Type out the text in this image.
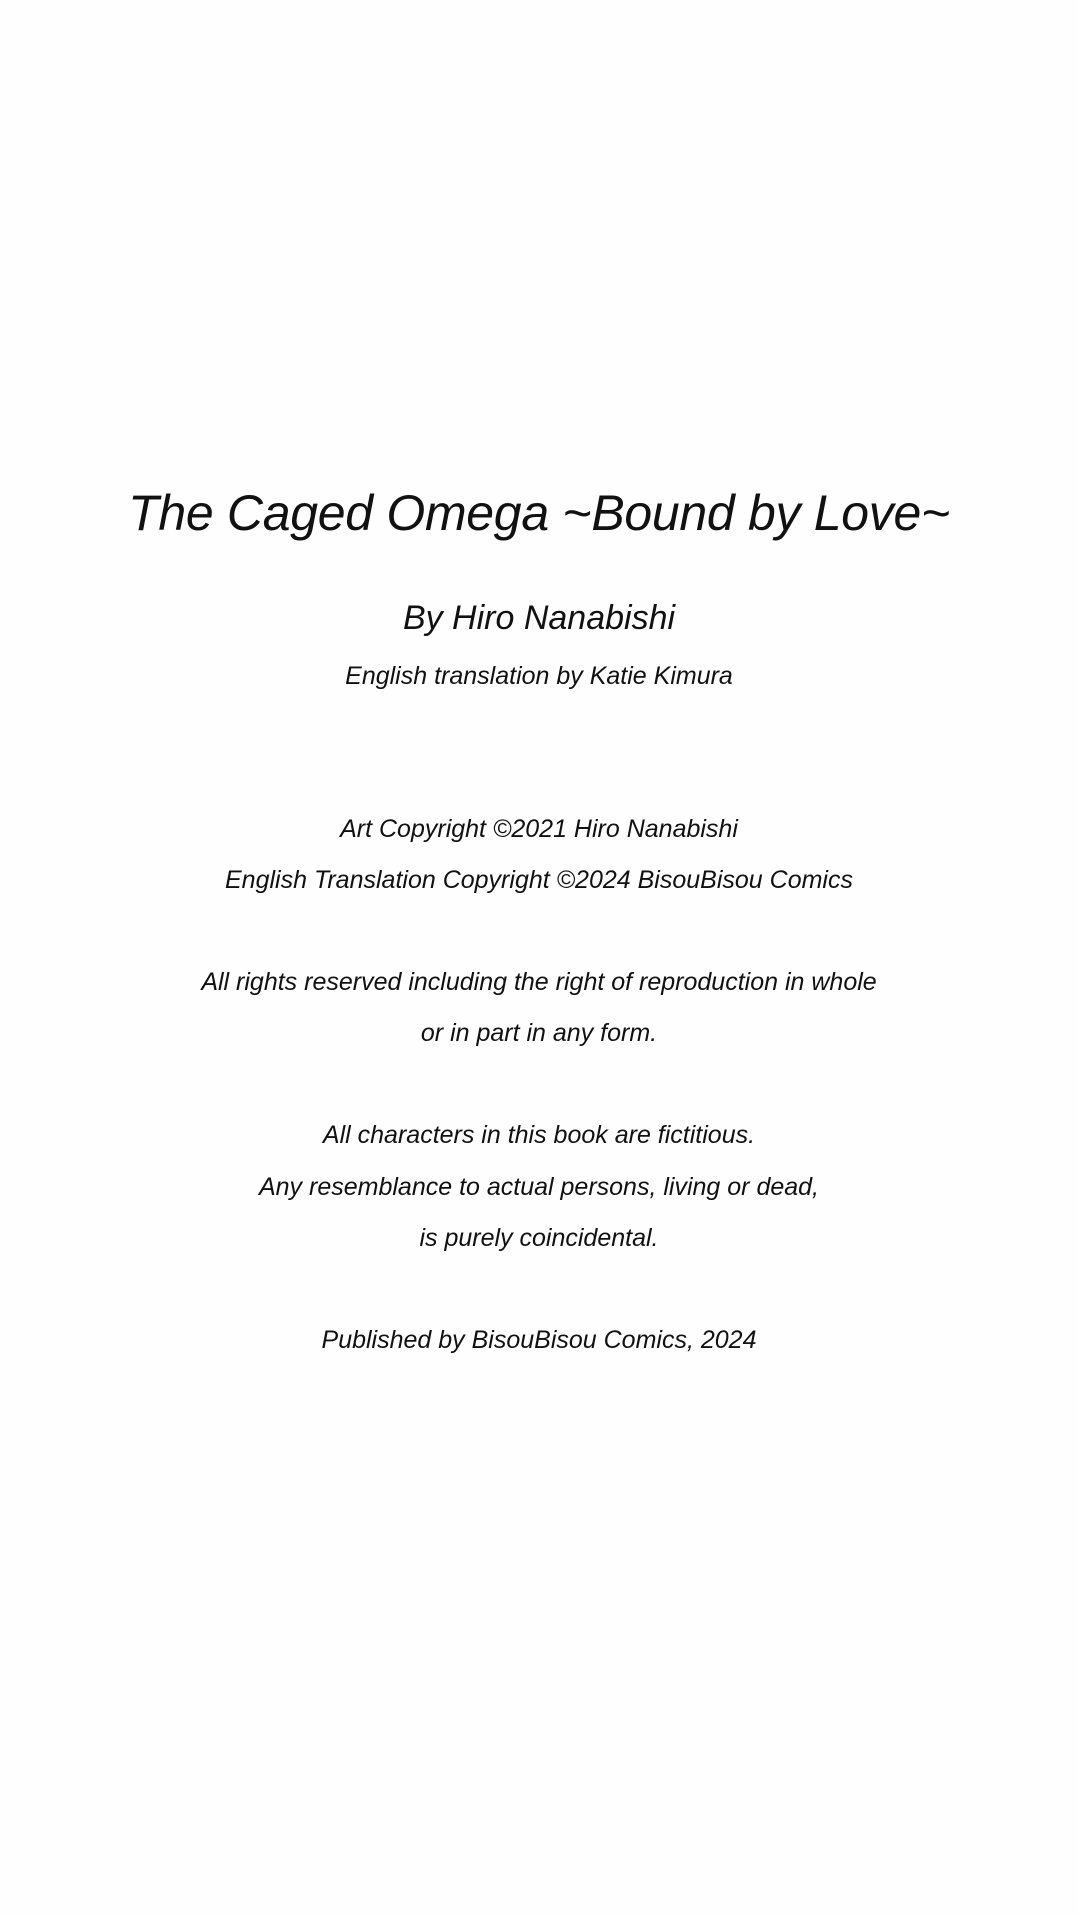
The Caged Omega ~Bound by Love~
By Hiro Nanabishi
English translation by Katie Kimura
Art Copyright ©2021 Hiro Nanabishi
English Translation Copyright ©2024 BisouBisou Comics
All rights reserved including the right of reproduction in whole
or in part in any form.
All characters in this book are fictitious.
Any resemblance to actual persons, living or dead,
is purely coincidental.
Published by BisouBisou Comics, 2024
